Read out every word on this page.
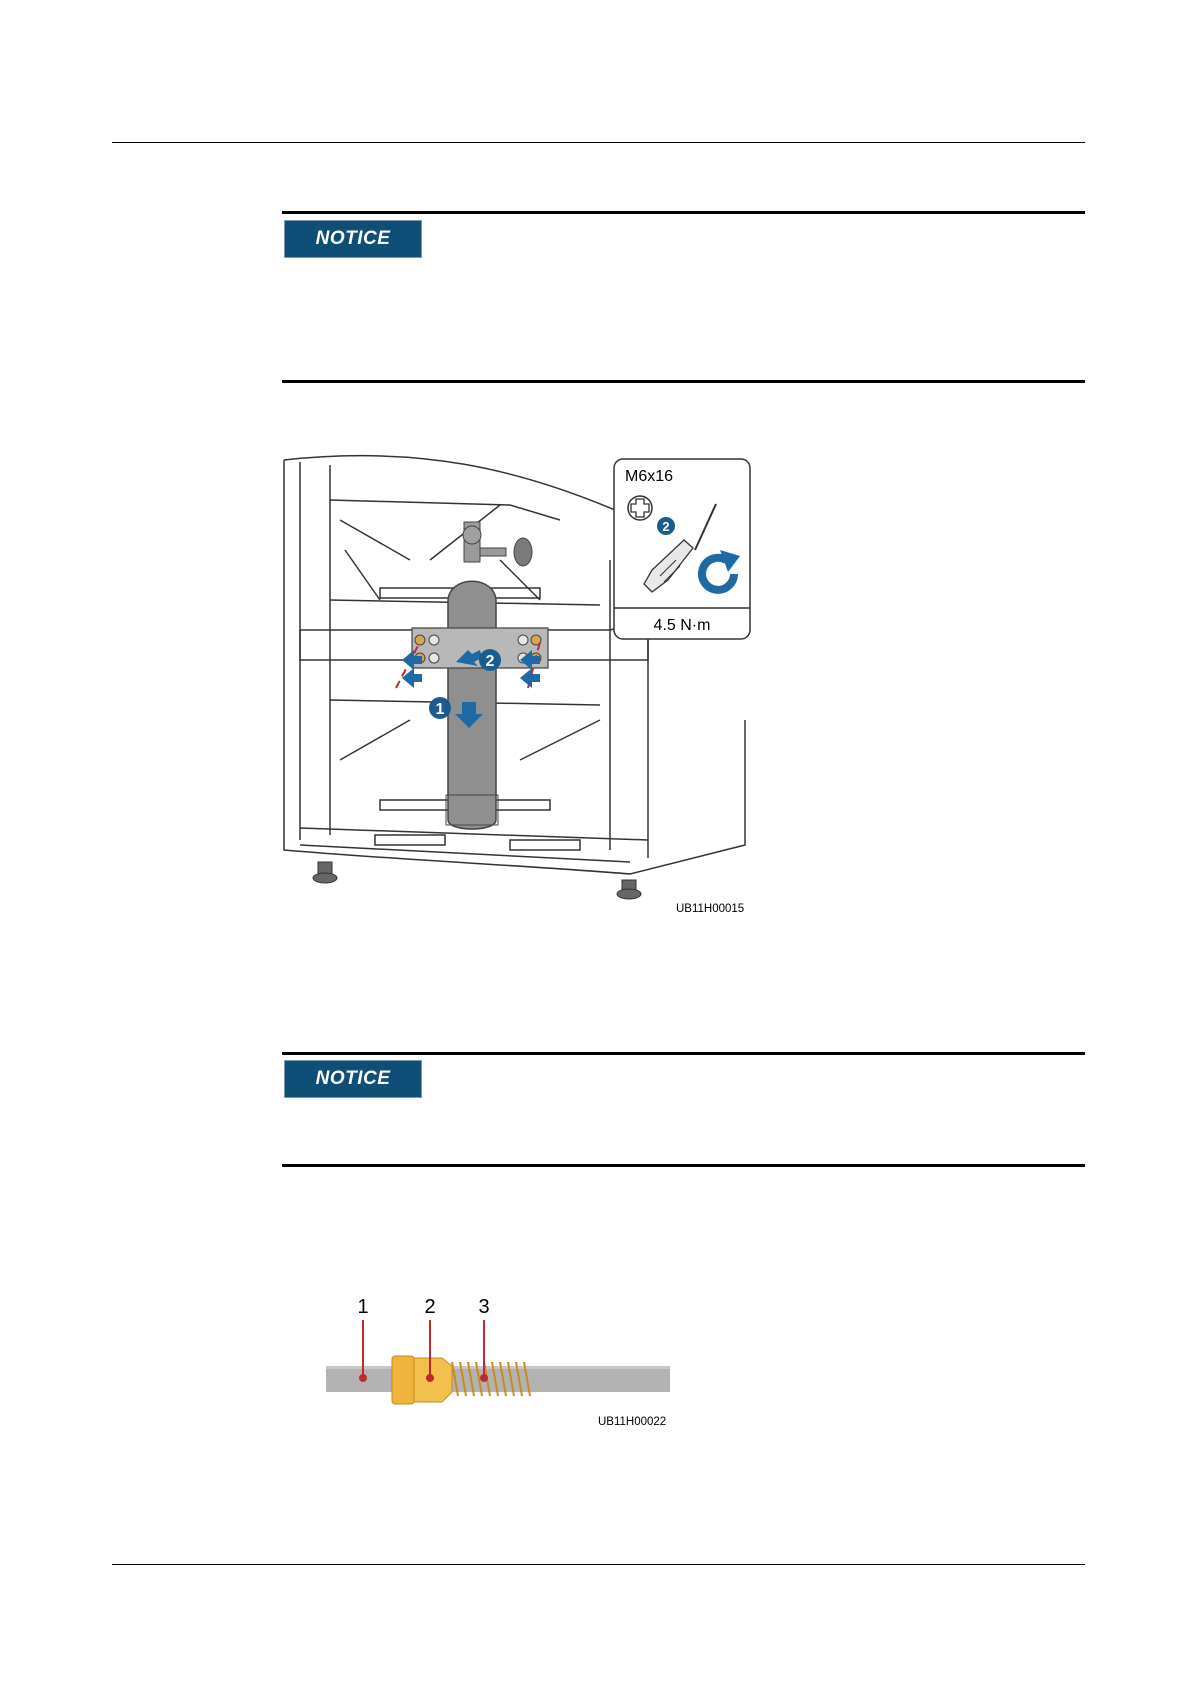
NOTICE
1
2
M6x16
2
4.5 N·m
UB11H00015
NOTICE
1	2 3
UB11H00022
